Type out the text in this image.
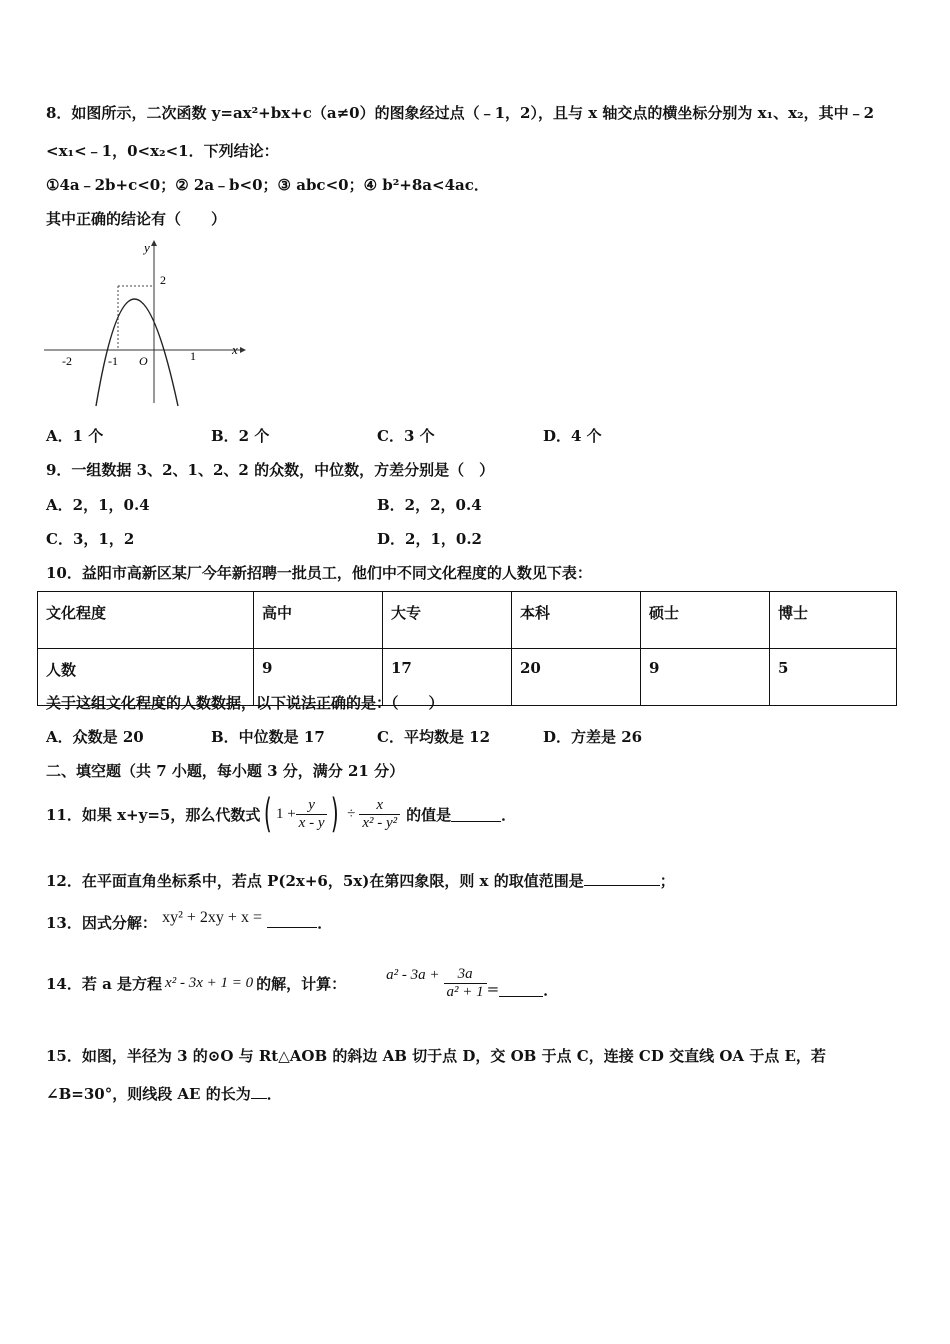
8．如图所示，二次函数 y=ax²+bx+c（a≠0）的图象经过点（﹣1，2），且与 x 轴交点的横坐标分别为 x₁、x₂，其中﹣2
<x₁<﹣1，0<x₂<1．下列结论：
①4a﹣2b+c<0；② 2a﹣b<0；③ abc<0；④ b²+8a<4ac．
其中正确的结论有（　　）
y
x
2
-2	-1 O	1
A．1 个	B．2 个	C．3 个	D．4 个
9．一组数据 3、2、1、2、2 的众数，中位数，方差分别是（　）
A．2，1，0.4	B．2，2，0.4
C．3，1，2	D．2，1，0.2
10．益阳市高新区某厂今年新招聘一批员工，他们中不同文化程度的人数见下表：
文化程度	高中	大专	本科	硕士	博士
人数	9	17	20	9	5
关于这组文化程度的人数数据，以下说法正确的是：（　　）
A．众数是 20	B．中位数是 17	C．平均数是 12	D．方差是 26
二、填空题（共 7 小题，每小题 3 分，满分 21 分）
11．如果 x+y=5，那么代数式 ( $1 + \frac{y}{x - y}$ ) ÷ $\frac{x}{\text{x² - y²}}$ 的值是	．
12．在平面直角坐标系中，若点 P(2x+6，5x)在第四象限，则 x 的取值范围是	；
13．因式分解： xy² + 2xy + x =	．
14．若 a 是方程 x² - 3x + 1 = 0 的解，计算：	$a^2 - 3a + \frac{3a}{\text{a² + 1}}$ =	．
15．如图，半径为 3 的⊙O 与 Rt△AOB 的斜边 AB 切于点 D，交 OB 于点 C，连接 CD 交直线 OA 于点 E，若
∠B=30°，则线段 AE 的长为 ．
